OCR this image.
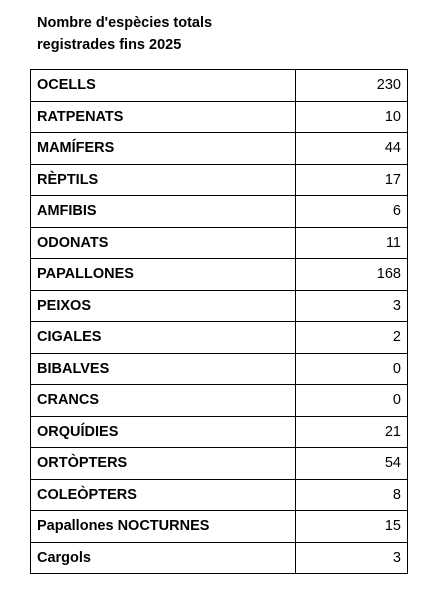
Nombre d'espècies totals
registrades fins 2025
OCELLS	230
RATPENATS	10
MAMÍFERS	44
RÈPTILS	17
AMFIBIS	6
ODONATS	11
PAPALLONES	168
PEIXOS	3
CIGALES	2
BIBALVES	0
CRANCS	0
ORQUÍDIES	21
ORTÒPTERS	54
COLEÒPTERS	8
Papallones NOCTURNES	15
Cargols	3
